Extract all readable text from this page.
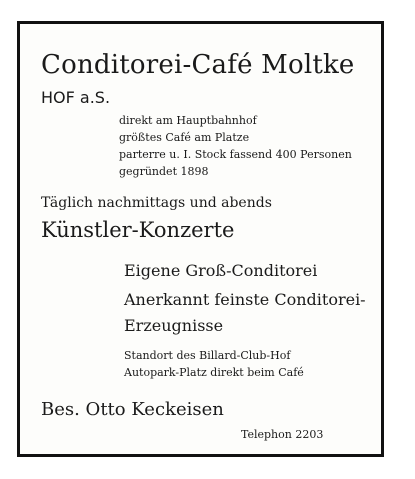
Conditorei-Café Moltke
HOF a.S.
direkt am Hauptbahnhof
größtes Café am Platze
parterre u. I. Stock fassend 400 Personen
gegründet 1898
Täglich nachmittags und abends
Künstler-Konzerte
Eigene Groß-Conditorei
Anerkannt feinste Conditorei-
Erzeugnisse
Standort des Billard-Club-Hof
Autopark-Platz direkt beim Café
Bes. Otto Keckeisen
Telephon 2203
